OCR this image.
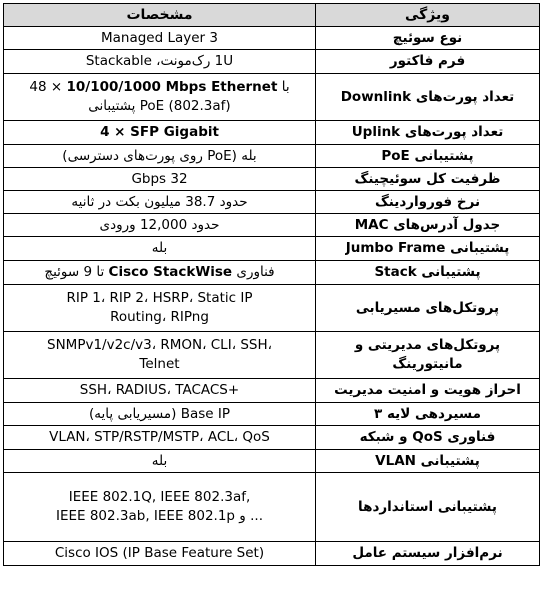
ویژگی	مشخصات
نوع سوئیچ	Managed Layer 3
فرم فاکتور	1U رک‌مونت، Stackable
تعداد پورت‌های Downlink	با 10/100/1000 Mbps Ethernet 48 ×
PoE (802.3af) پشتیبانی

تعداد پورت‌های Uplink	4 × SFP Gigabit
پشتیبانی PoE	بله (PoE روی پورت‌های دسترسی)
ظرفیت کل سوئیچینگ	32 Gbps
نرخ فورواردینگ	حدود 38.7 میلیون بکت در ثانیه
جدول آدرس‌های MAC	حدود 12,000 ورودی
پشتیبانی Jumbo Frame	بله
پشتیبانی Stack	فناوری Cisco StackWise تا 9 سوئیچ
پروتکل‌های مسیریابی	RIP 1، RIP 2، HSRP، Static IP
Routing، RIPng

پروتکل‌های مدیریتی و مانیتورینگ	SNMPv1/v2c/v3، RMON، CLI، SSH،
Telnet

احراز هویت و امنیت مدیریت	SSH، RADIUS، TACACS+
مسیردهی لایه ۳	Base IP (مسیریابی پایه)
فناوری QoS و شبکه	VLAN، STP/RSTP/MSTP، ACL، QoS
پشتیبانی VLAN	بله
پشتیبانی استانداردها	IEEE 802.1Q, IEEE 802.3af,
IEEE 802.3ab, IEEE 802.1p و ...

نرم‌افزار سیستم عامل	Cisco IOS (IP Base Feature Set)
